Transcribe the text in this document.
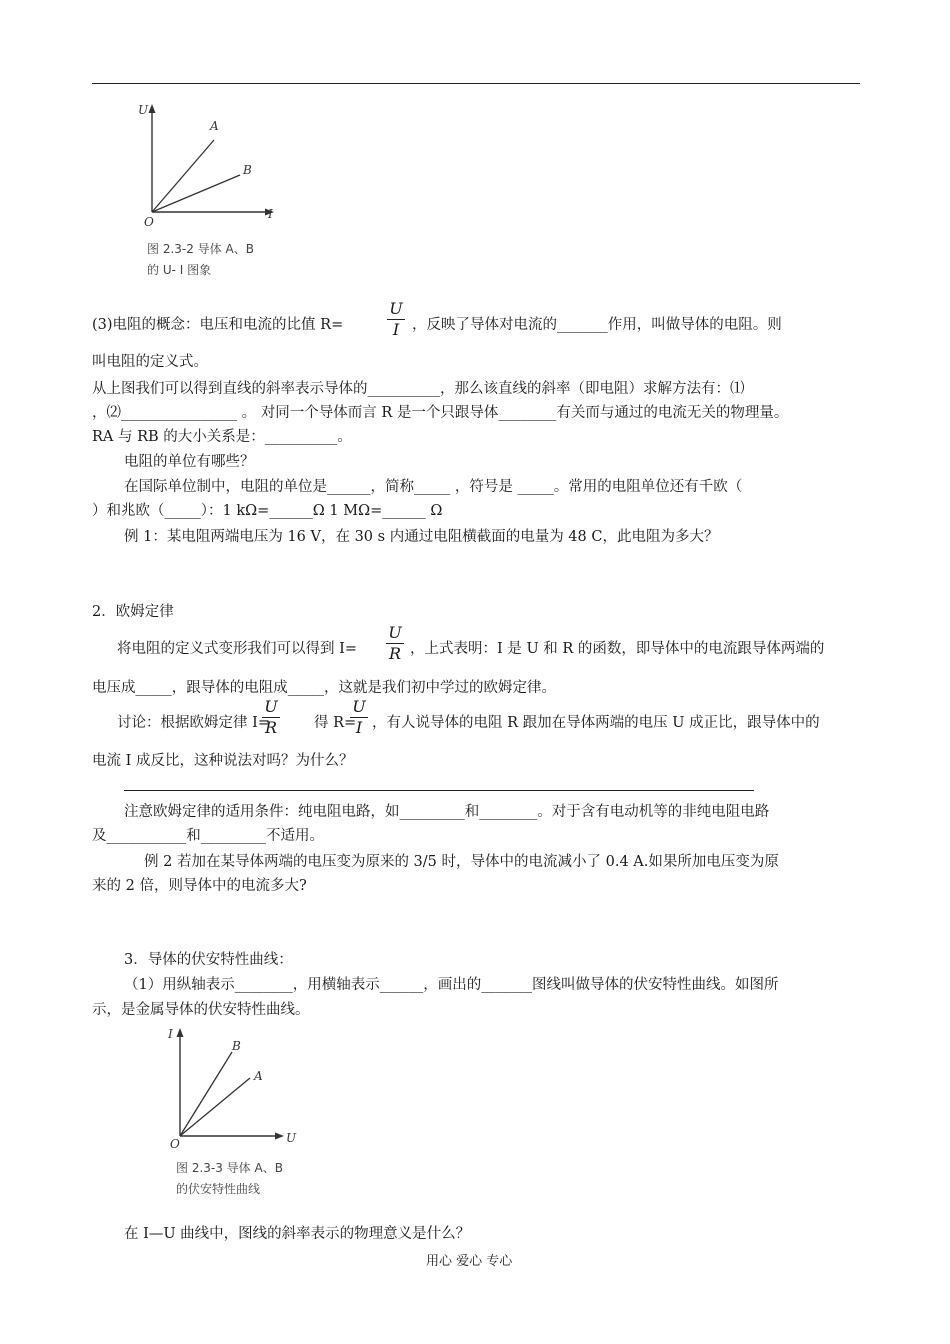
U
I
O
A
B
图 2.3-2 导体 A、B
的 U- I 图象
(3)电阻的概念：电压和电流的比值 R=
U
I ，反映了导体对电流的_______作用，叫做导体的电阻。则
叫电阻的定义式。
从上图我们可以得到直线的斜率表示导体的__________，那么该直线的斜率（即电阻）求解方法有：⑴
，⑵________________ 。 对同一个导体而言 R 是一个只跟导体________有关而与通过的电流无关的物理量。
RA 与 RB 的大小关系是：__________。
电阻的单位有哪些？
在国际单位制中，电阻的单位是______，简称_____ ，符号是 _____。常用的电阻单位还有千欧（
）和兆欧（_____）：1 kΩ=______Ω 1 MΩ=______ Ω
例 1：某电阻两端电压为 16 V，在 30 s 内通过电阻横截面的电量为 48 C，此电阻为多大？
2．欧姆定律
将电阻的定义式变形我们可以得到 I=
U
R ，上式表明：I 是 U 和 R 的函数，即导体中的电流跟导体两端的
电压成_____，跟导体的电阻成_____，这就是我们初中学过的欧姆定律。
讨论：根据欧姆定律 I=
U
R	得 R=
U
I ，有人说导体的电阻 R 跟加在导体两端的电压 U 成正比，跟导体中的
电流 I 成反比，这种说法对吗？为什么？
注意欧姆定律的适用条件：纯电阻电路，如_________和________。对于含有电动机等的非纯电阻电路
及___________和_________不适用。
例 2 若加在某导体两端的电压变为原来的 3/5 时，导体中的电流减小了 0.4 A.如果所加电压变为原
来的 2 倍，则导体中的电流多大?
3．导体的伏安特性曲线：
（1）用纵轴表示________，用横轴表示______，画出的_______图线叫做导体的伏安特性曲线。如图所
示，是金属导体的伏安特性曲线。
I
U
O
B
A
图 2.3-3 导体 A、B
的伏安特性曲线
在 I—U 曲线中，图线的斜率表示的物理意义是什么？
用心 爱心 专心
